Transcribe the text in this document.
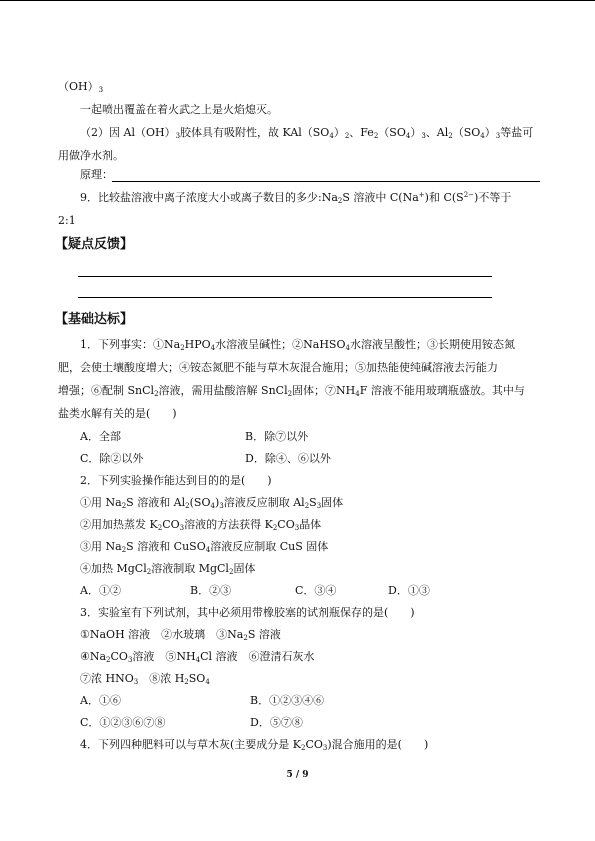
$(OH)_3$
一起喷出覆盖在着火武之上是火焰熄灭。
（2）因 $Al(OH)_3$胶体具有吸附性，故 $KAl(SO_4)_2$、$Fe_2(SO_4)_3$、$Al_2(SO_4)_3$等盐可
用做净水剂。
原理：
9．比较盐溶液中离子浓度大小或离子数目的多少$:Na_2S$ 溶液中 C(Na+)和 $C(S^{2-})$不等于
2:1
【疑点反馈】
【基础达标】
1．下列事实：$①Na_2HPO_4$水溶液呈碱性；②NaHSO$_4$水溶液呈酸性；③长期使用铵态氮
肥，会使土壤酸度增大；④铵态氮肥不能与草木灰混合施用；⑤加热能使纯碱溶液去污能力
增强；⑥配制 SnCl$_2$溶液，需用盐酸溶解 SnCl$_2$固体；$⑦NH_4F$ 溶液不能用玻璃瓶盛放。其中与
盐类水解有关的是(　　)
A．全部	B．除⑦以外
C．除②以外	D．除④、⑥以外
2．下列实验操作能达到目的的是(　　)
①用 $Na_2S$ 溶液和 $Al_2(SO_4)_3$溶液反应制取 $Al_2S_3$固体
②用加热蒸发 $K_2CO_3$溶液的方法获得 $K_2CO_3$晶体
③用 $Na_2S$ 溶液和 CuSO$_4$溶液反应制取 CuS 固体
④加热 MgCl$_2$溶液制取 MgCl$_2$固体
A．①②	B．②③	C．③④	D．①③
3．实验室有下列试剂，其中必须用带橡胶塞的试剂瓶保存的是(　　)
①NaOH 溶液　②水玻璃　$③Na_2S$ 溶液
$④Na_2CO_3$溶液　$⑤NH_4Cl$ 溶液　⑥澄清石灰水
⑦浓 $HNO_3$　⑧浓 $H_2SO_4$
A．①⑥	B．①②③④⑥
C．①②③⑥⑦⑧	D．⑤⑦⑧
4．下列四种肥料可以与草木灰(主要成分是 $K_2CO_3$)混合施用的是(　　)
5 / 9
